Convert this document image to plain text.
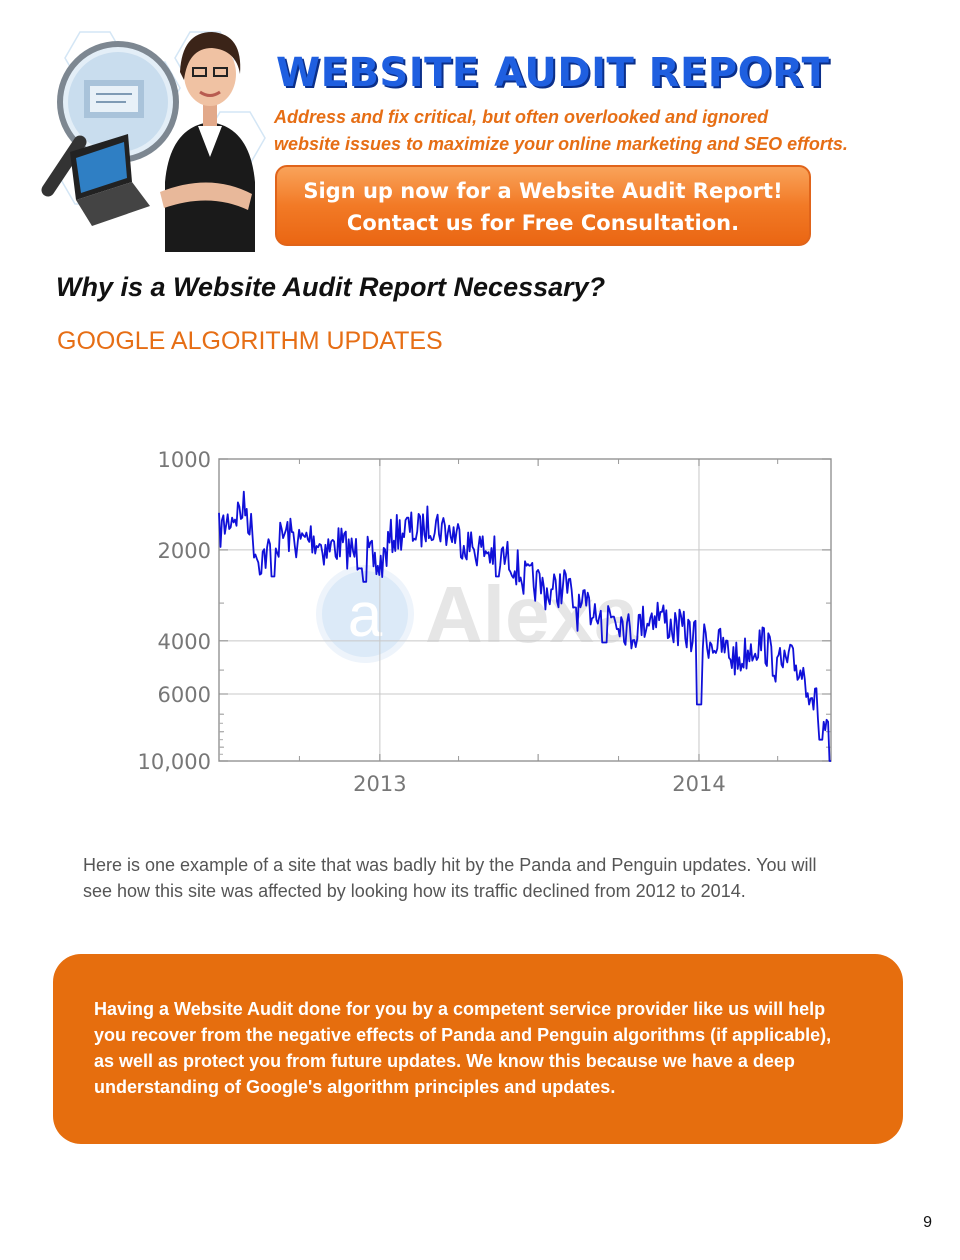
WEBSITE AUDIT REPORT
Address and fix critical, but often overlooked and ignored
website issues to maximize your online marketing and SEO efforts.
Sign up now for a Website Audit Report!
Contact us for Free Consultation.
Why is a Website Audit Report Necessary?
GOOGLE ALGORITHM UPDATES
a Alexa
1000
2000
4000
6000
10,000
2013	2014
Here is one example of a site that was badly hit by the Panda and Penguin updates. You will
see how this site was affected by looking how its traffic declined from 2012 to 2014.
Having a Website Audit done for you by a competent service provider like us will help
you recover from the negative effects of Panda and Penguin algorithms (if applicable),
as well as protect you from future updates. We know this because we have a deep
understanding of Google's algorithm principles and updates.
9
